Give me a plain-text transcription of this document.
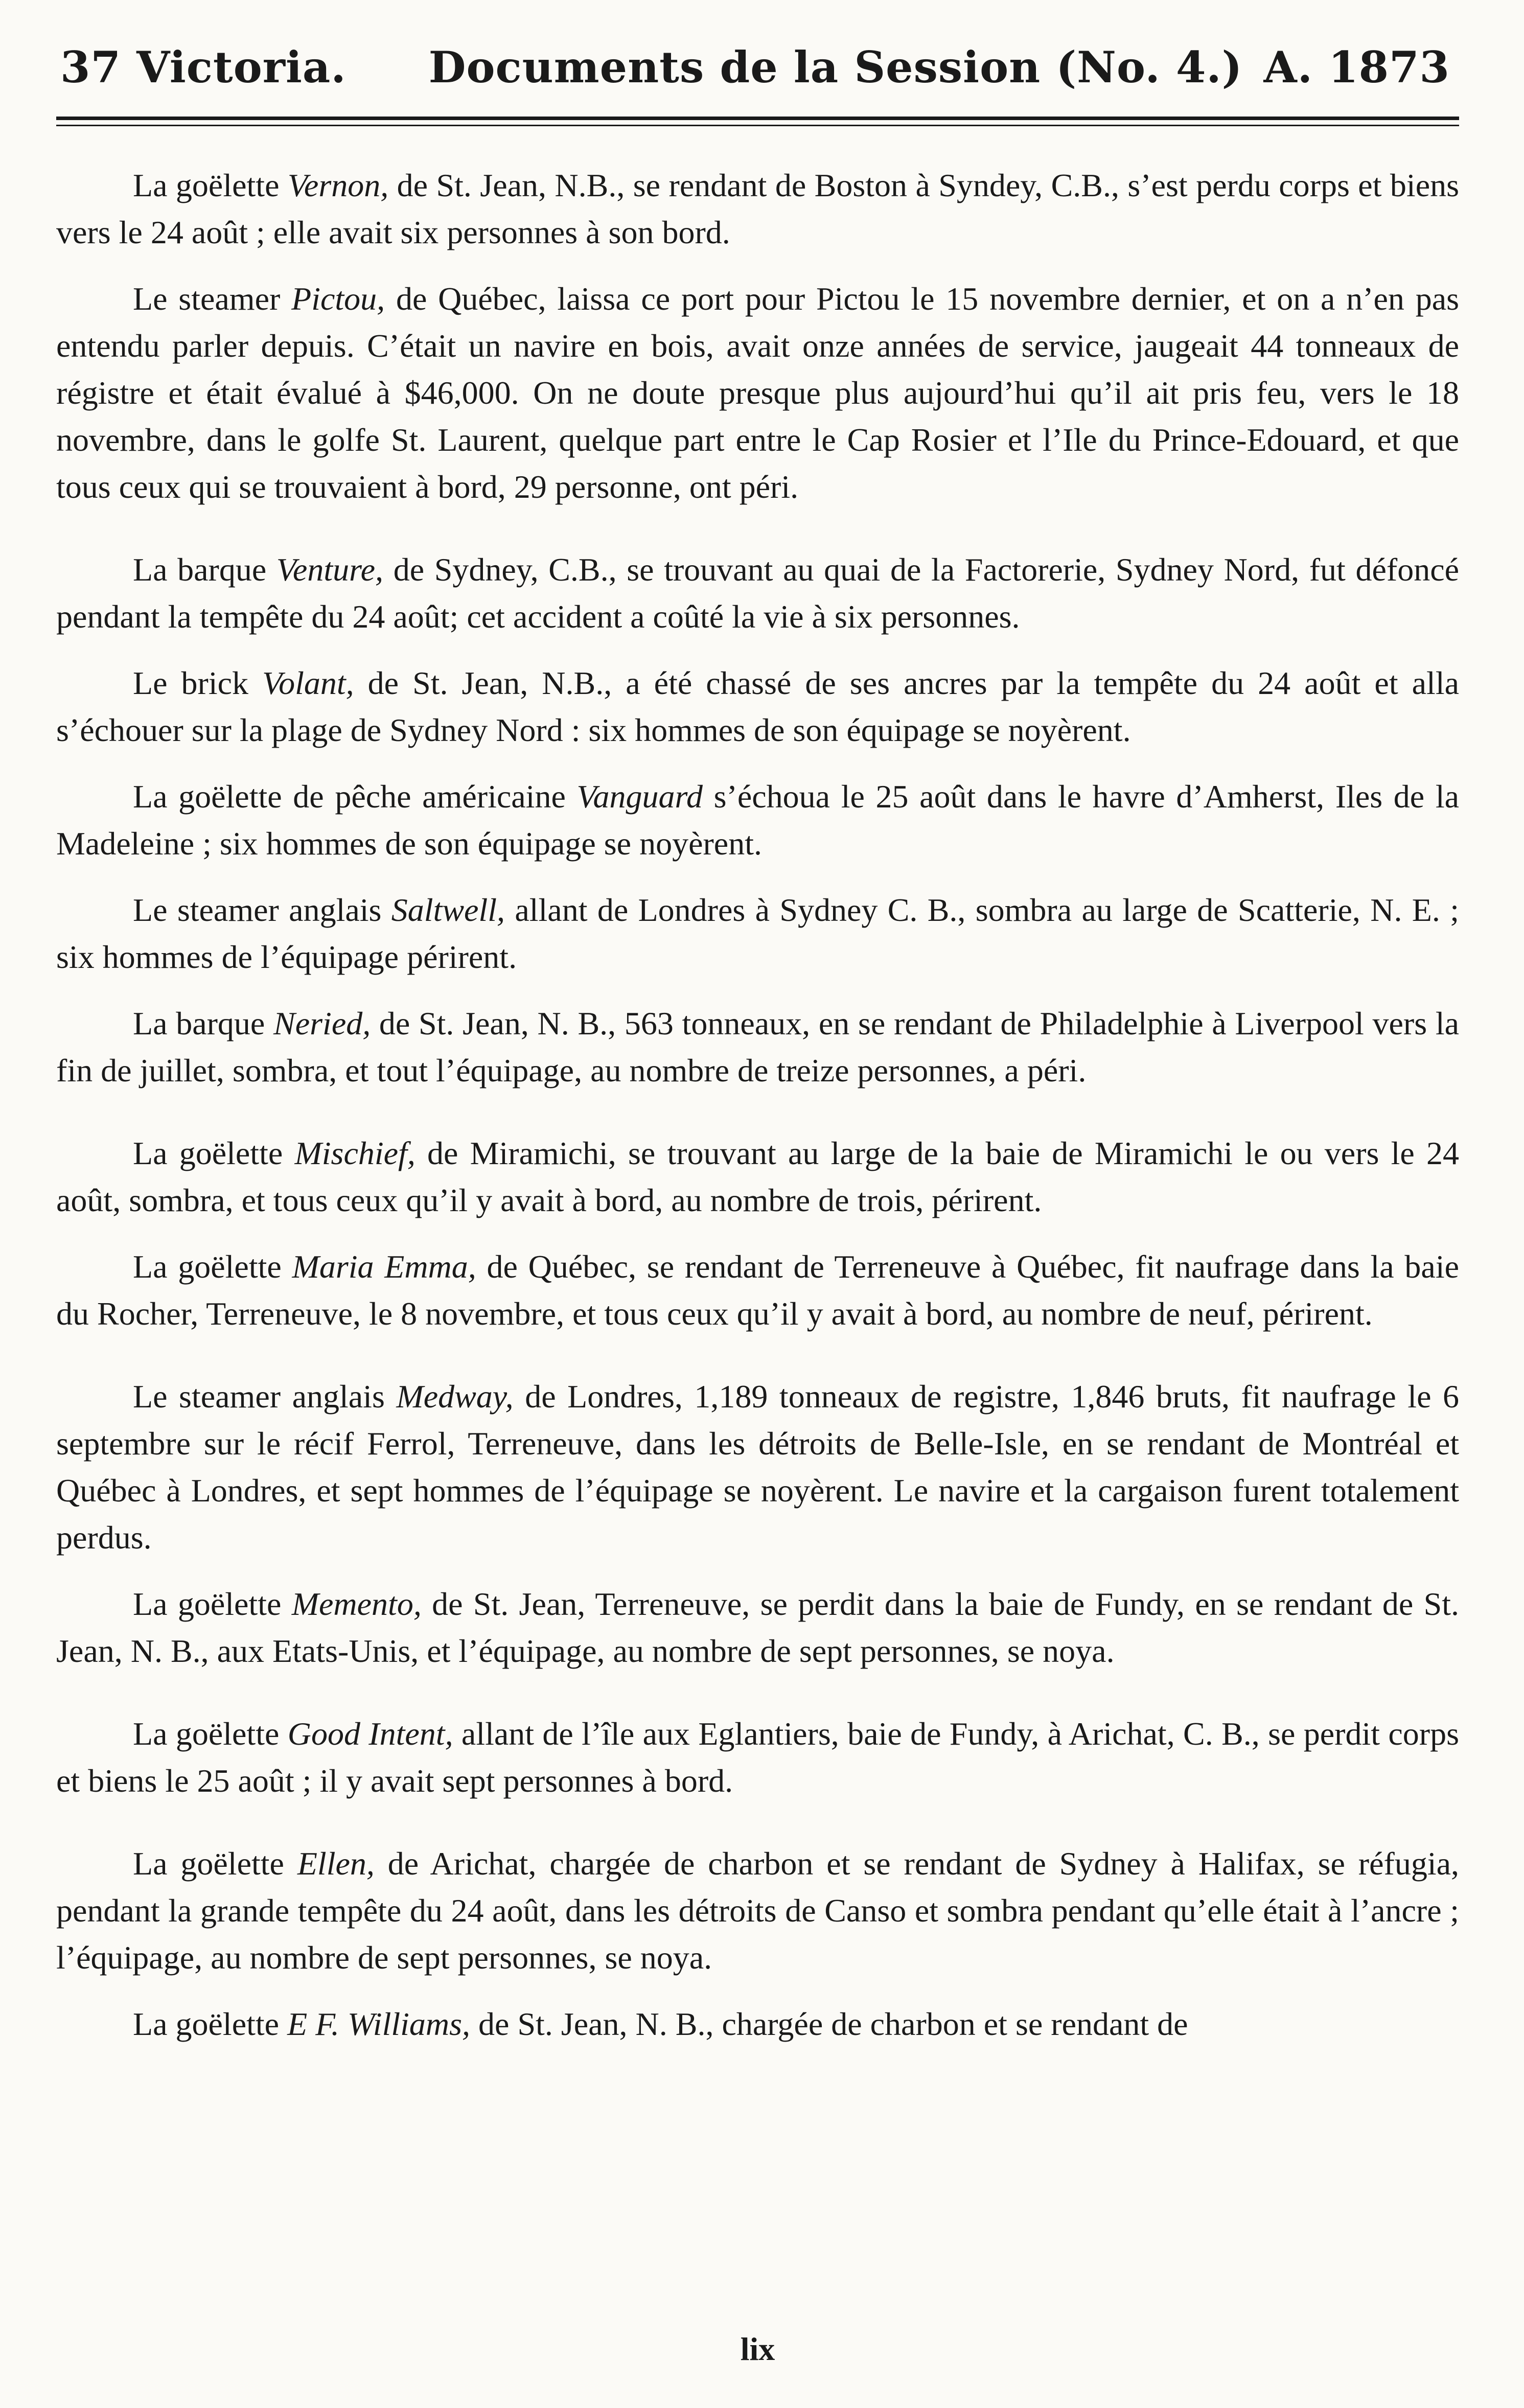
37 Victoria. Documents de la Session (No. 4.) A. 1873

La goëlette Vernon, de St. Jean, N.B., se rendant de Boston à Syndey, C.B., s’est perdu corps et biens vers le 24 août ; elle avait six personnes à son bord.

Le steamer Pictou, de Québec, laissa ce port pour Pictou le 15 novembre dernier, et on a n’en pas entendu parler depuis. C’était un navire en bois, avait onze années de service, jaugeait 44 tonneaux de régistre et était évalué à $46,000. On ne doute presque plus aujourd’hui qu’il ait pris feu, vers le 18 novembre, dans le golfe St. Laurent, quelque part entre le Cap Rosier et l’Ile du Prince-Edouard, et que tous ceux qui se trouvaient à bord, 29 personne, ont péri.

La barque Venture, de Sydney, C.B., se trouvant au quai de la Factorerie, Sydney Nord, fut défoncé pendant la tempête du 24 août; cet accident a coûté la vie à six personnes.

Le brick Volant, de St. Jean, N.B., a été chassé de ses ancres par la tempête du 24 août et alla s’échouer sur la plage de Sydney Nord : six hommes de son équipage se noyèrent.

La goëlette de pêche américaine Vanguard s’échoua le 25 août dans le havre d’Amherst, Iles de la Madeleine ; six hommes de son équipage se noyèrent.

Le steamer anglais Saltwell, allant de Londres à Sydney C. B., sombra au large de Scatterie, N. E. ; six hommes de l’équipage périrent.

La barque Neried, de St. Jean, N. B., 563 tonneaux, en se rendant de Philadelphie à Liverpool vers la fin de juillet, sombra, et tout l’équipage, au nombre de treize personnes, a péri.

La goëlette Mischief, de Miramichi, se trouvant au large de la baie de Miramichi le ou vers le 24 août, sombra, et tous ceux qu’il y avait à bord, au nombre de trois, périrent.

La goëlette Maria Emma, de Québec, se rendant de Terreneuve à Québec, fit naufrage dans la baie du Rocher, Terreneuve, le 8 novembre, et tous ceux qu’il y avait à bord, au nombre de neuf, périrent.

Le steamer anglais Medway, de Londres, 1,189 tonneaux de registre, 1,846 bruts, fit naufrage le 6 septembre sur le récif Ferrol, Terreneuve, dans les détroits de Belle-Isle, en se rendant de Montréal et Québec à Londres, et sept hommes de l’équipage se noyèrent. Le navire et la cargaison furent totalement perdus.

La goëlette Memento, de St. Jean, Terreneuve, se perdit dans la baie de Fundy, en se rendant de St. Jean, N. B., aux Etats-Unis, et l’équipage, au nombre de sept personnes, se noya.

La goëlette Good Intent, allant de l’île aux Eglantiers, baie de Fundy, à Arichat, C. B., se perdit corps et biens le 25 août ; il y avait sept personnes à bord.

La goëlette Ellen, de Arichat, chargée de charbon et se rendant de Sydney à Halifax, se réfugia, pendant la grande tempête du 24 août, dans les détroits de Canso et sombra pendant qu’elle était à l’ancre ; l’équipage, au nombre de sept personnes, se noya.

La goëlette E F. Williams, de St. Jean, N. B., chargée de charbon et se rendant de

lix
